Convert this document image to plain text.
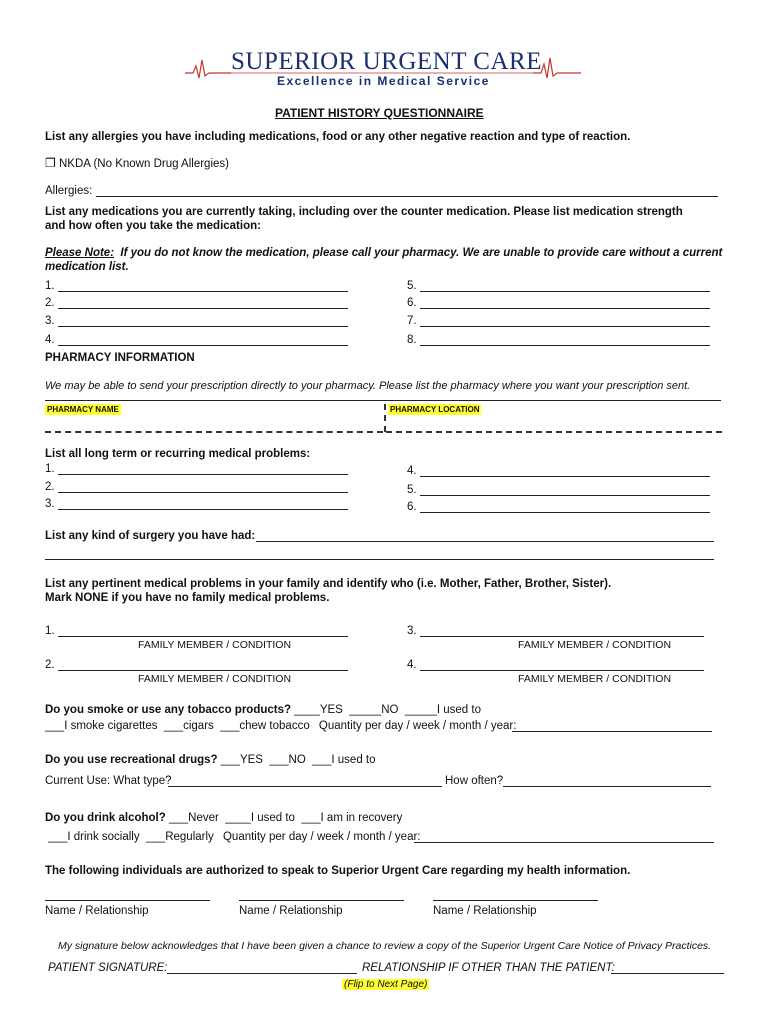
SUPERIOR URGENT CARE
Excellence in Medical Service
PATIENT HISTORY QUESTIONNAIRE
List any allergies you have including medications, food or any other negative reaction and type of reaction.
❒ NKDA (No Known Drug Allergies)
Allergies:
List any medications you are currently taking, including over the counter medication. Please list medication strength
and how often you take the medication:
Please Note: If you do not know the medication, please call your pharmacy. We are unable to provide care without a current
medication list.
1.
2.
3.
4.
5.
6.
7.
8.
PHARMACY INFORMATION
We may be able to send your prescription directly to your pharmacy. Please list the pharmacy where you want your prescription sent.
PHARMACY NAME	PHARMACY LOCATION
List all long term or recurring medical problems:
1.
2.
3.
4.
5.
6.
List any kind of surgery you have had:
List any pertinent medical problems in your family and identify who (i.e. Mother, Father, Brother, Sister).
Mark NONE if you have no family medical problems.
1.
FAMILY MEMBER / CONDITION
2.
FAMILY MEMBER / CONDITION
3.
FAMILY MEMBER / CONDITION
4.
FAMILY MEMBER / CONDITION
Do you smoke or use any tobacco products? ____YES  _____NO  _____I used to
___I smoke cigarettes  ___cigars  ___chew tobacco Quantity per day / week / month / year:
Do you use recreational drugs? ___YES  ___NO  ___I used to
Current Use: What type?	How often?
Do you drink alcohol? ___Never  ____I used to  ___I am in recovery
___I drink socially  ___Regularly Quantity per day / week / month / year:
The following individuals are authorized to speak to Superior Urgent Care regarding my health information.
Name / Relationship	Name / Relationship	Name / Relationship
My signature below acknowledges that I have been given a chance to review a copy of the Superior Urgent Care Notice of Privacy Practices.
PATIENT SIGNATURE:	RELATIONSHIP IF OTHER THAN THE PATIENT:
(Flip to Next Page)
